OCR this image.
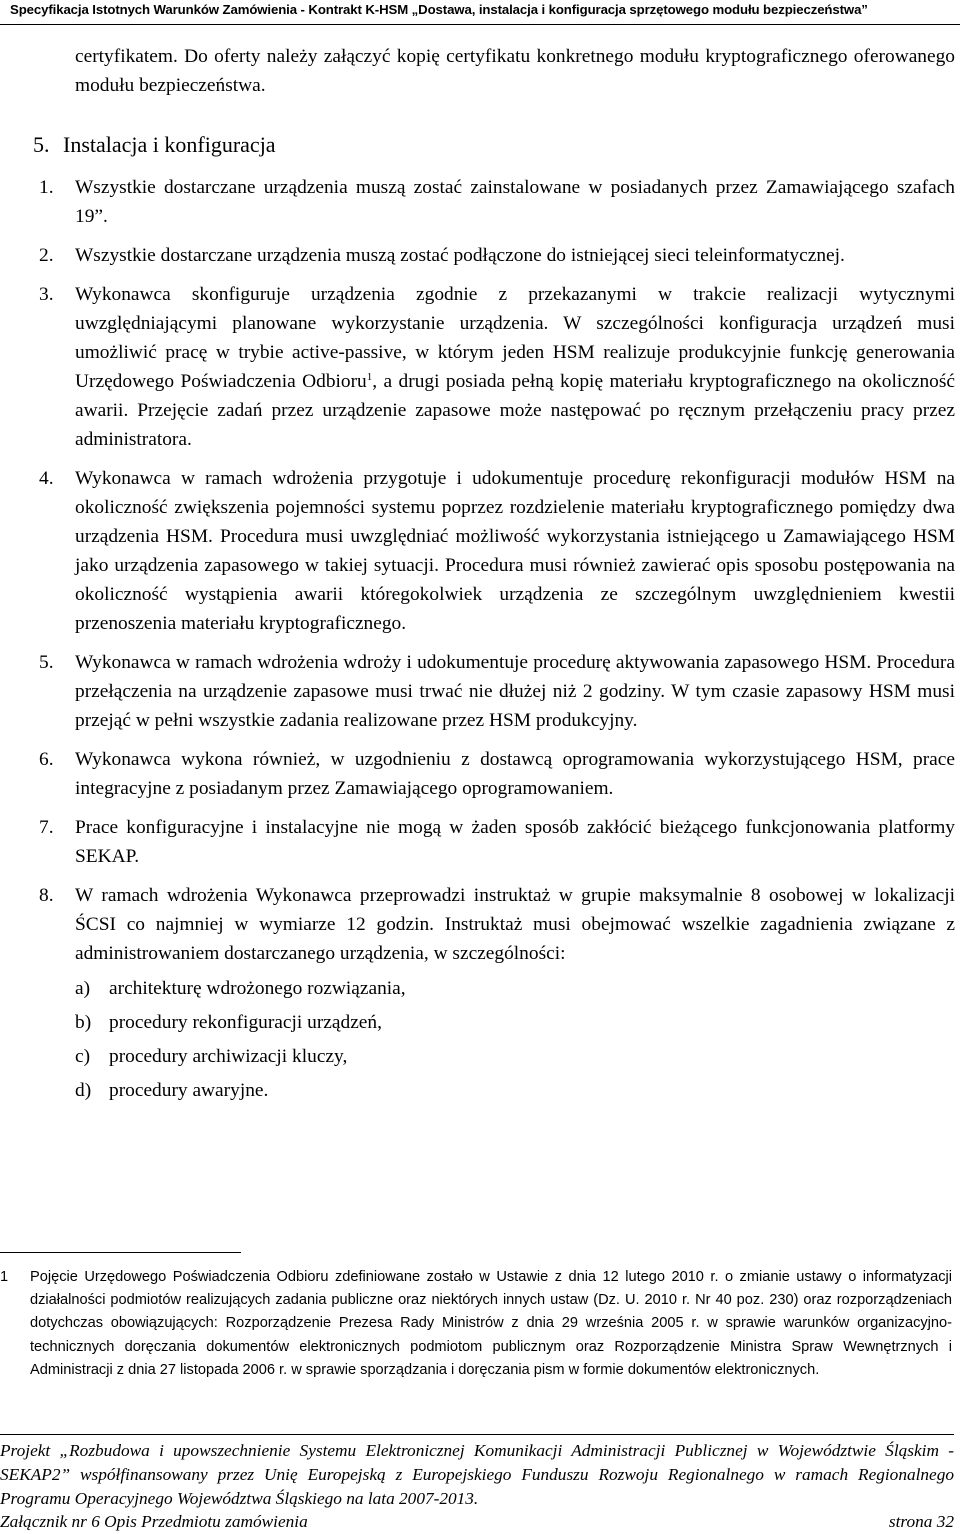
Specyfikacja Istotnych Warunków Zamówienia - Kontrakt K-HSM „Dostawa, instalacja i konfiguracja sprzętowego modułu bezpieczeństwa”

certyfikatem. Do oferty należy załączyć kopię certyfikatu konkretnego modułu kryptograficznego oferowanego modułu bezpieczeństwa.

5. Instalacja i konfiguracja
1. Wszystkie dostarczane urządzenia muszą zostać zainstalowane w posiadanych przez Zamawiającego szafach 19”.

2. Wszystkie dostarczane urządzenia muszą zostać podłączone do istniejącej sieci teleinformatycznej.

3. Wykonawca skonfiguruje urządzenia zgodnie z przekazanymi w trakcie realizacji wytycznymi uwzględniającymi planowane wykorzystanie urządzenia. W szczególności konfiguracja urządzeń musi umożliwić pracę w trybie active-passive, w którym jeden HSM realizuje produkcyjnie funkcję generowania Urzędowego Poświadczenia Odbioru$^1$, a drugi posiada pełną kopię materiału kryptograficznego na okoliczność awarii. Przejęcie zadań przez urządzenie zapasowe może następować po ręcznym przełączeniu pracy przez administratora.

4. Wykonawca w ramach wdrożenia przygotuje i udokumentuje procedurę rekonfiguracji modułów HSM na okoliczność zwiększenia pojemności systemu poprzez rozdzielenie materiału kryptograficznego pomiędzy dwa urządzenia HSM. Procedura musi uwzględniać możliwość wykorzystania istniejącego u Zamawiającego HSM jako urządzenia zapasowego w takiej sytuacji. Procedura musi również zawierać opis sposobu postępowania na okoliczność wystąpienia awarii któregokolwiek urządzenia ze szczególnym uwzględnieniem kwestii przenoszenia materiału kryptograficznego.

5. Wykonawca w ramach wdrożenia wdroży i udokumentuje procedurę aktywowania zapasowego HSM. Procedura przełączenia na urządzenie zapasowe musi trwać nie dłużej niż 2 godziny. W tym czasie zapasowy HSM musi przejąć w pełni wszystkie zadania realizowane przez HSM produkcyjny.

6. Wykonawca wykona również, w uzgodnieniu z dostawcą oprogramowania wykorzystującego HSM, prace integracyjne z posiadanym przez Zamawiającego oprogramowaniem.

7. Prace konfiguracyjne i instalacyjne nie mogą w żaden sposób zakłócić bieżącego funkcjonowania platformy SEKAP.

8. W ramach wdrożenia Wykonawca przeprowadzi instruktaż w grupie maksymalnie 8 osobowej w lokalizacji ŚCSI co najmniej w wymiarze 12 godzin. Instruktaż musi obejmować wszelkie zagadnienia związane z administrowaniem dostarczanego urządzenia, w szczególności:

a) architekturę wdrożonego rozwiązania,
b) procedury rekonfiguracji urządzeń,
c) procedury archiwizacji kluczy,
d) procedury awaryjne.
1 Pojęcie Urzędowego Poświadczenia Odbioru zdefiniowane zostało w Ustawie z dnia 12 lutego 2010 r. o zmianie ustawy o informatyzacji działalności podmiotów realizujących zadania publiczne oraz niektórych innych ustaw (Dz. U. 2010 r. Nr 40 poz. 230) oraz rozporządzeniach dotychczas obowiązujących: Rozporządzenie Prezesa Rady Ministrów z dnia 29 września 2005 r. w sprawie warunków organizacyjno-technicznych doręczania dokumentów elektronicznych podmiotom publicznym oraz Rozporządzenie Ministra Spraw Wewnętrznych i Administracji z dnia 27 listopada 2006 r. w sprawie sporządzania i doręczania pism w formie dokumentów elektronicznych.
Projekt „Rozbudowa i upowszechnienie Systemu Elektronicznej Komunikacji Administracji Publicznej w Województwie Śląskim - SEKAP2” współfinansowany przez Unię Europejską z Europejskiego Funduszu Rozwoju Regionalnego w ramach Regionalnego Programu Operacyjnego Województwa Śląskiego na lata 2007-2013.
Załącznik nr 6 Opis Przedmiotu zamówienia	strona 32
